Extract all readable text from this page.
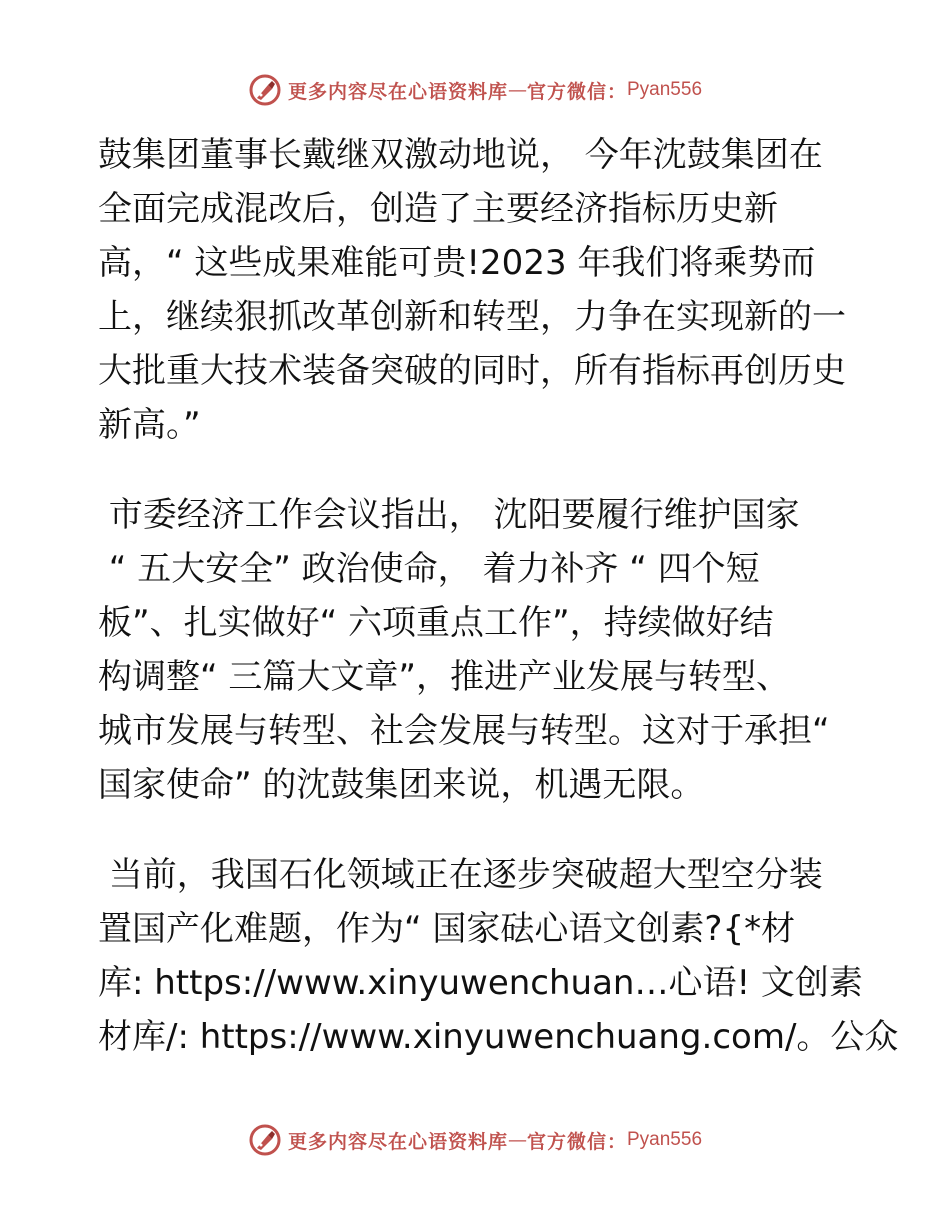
更多内容尽在心语资料库 — 官方微信： Pyan556
鼓集团董事长戴继双激动地说， 今年沈鼓集团在
全面完成混改后，创造了主要经济指标历史新
高，“ 这些成果难能可贵!2023 年我们将乘势而
上，继续狠抓改革创新和转型，力争在实现新的一
大批重大技术装备突破的同时，所有指标再创历史
新高。”
市委经济工作会议指出， 沈阳要履行维护国家
“ 五大安全” 政治使命， 着力补齐 “ 四个短
板”、扎实做好“ 六项重点工作”，持续做好结
构调整“ 三篇大文章”，推进产业发展与转型、
城市发展与转型、社会发展与转型。这对于承担“
国家使命” 的沈鼓集团来说，机遇无限。
当前，我国石化领域正在逐步突破超大型空分装
置国产化难题，作为“ 国家砝心语文创素?{*材
库: https://www.xinyuwenchuan…心语! 文创素
材库/: https://www.xinyuwenchuang.com/。公众
更多内容尽在心语资料库 — 官方微信： Pyan556
